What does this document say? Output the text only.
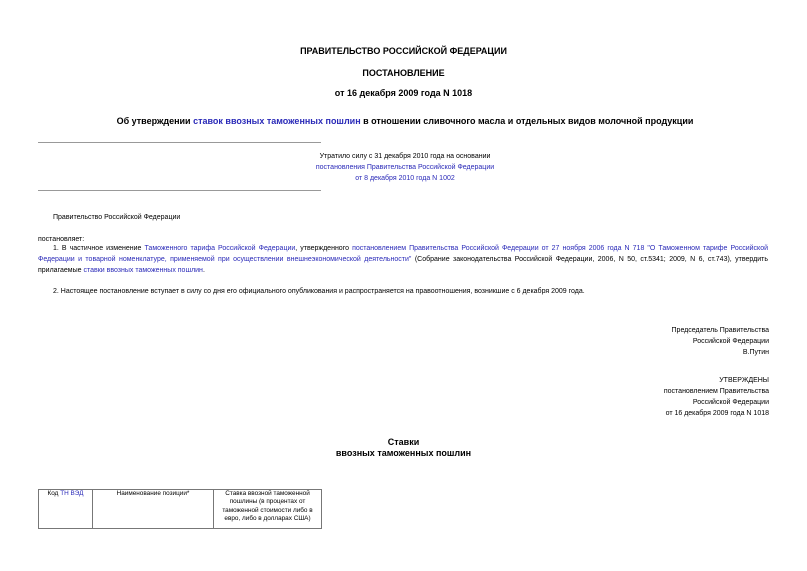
ПРАВИТЕЛЬСТВО РОССИЙСКОЙ ФЕДЕРАЦИИ
ПОСТАНОВЛЕНИЕ
от 16 декабря 2009 года N 1018
Об утверждении ставок ввозных таможенных пошлин в отношении сливочного масла и отдельных видов молочной продукции
Утратило силу с 31 декабря 2010 года на основании
постановления Правительства Российской Федерации
от 8 декабря 2010 года N 1002
Правительство Российской Федерации
постановляет:
1. В частичное изменение Таможенного тарифа Российской Федерации, утвержденного постановлением Правительства Российской Федерации от 27 ноября 2006 года N 718 "О Таможенном тарифе Российской Федерации и товарной номенклатуре, применяемой при осуществлении внешнеэкономической деятельности" (Собрание законодательства Российской Федерации, 2006, N 50, ст.5341; 2009, N 6, ст.743), утвердить прилагаемые ставки ввозных таможенных пошлин.
2. Настоящее постановление вступает в силу со дня его официального опубликования и распространяется на правоотношения, возникшие с 6 декабря 2009 года.
Председатель Правительства
Российской Федерации
В.Путин
УТВЕРЖДЕНЫ
постановлением Правительства
Российской Федерации
от 16 декабря 2009 года N 1018
Ставки
ввозных таможенных пошлин
Код ТН ВЭД	Наименование позиции*	Ставка ввозной таможенной пошлины (в процентах от таможенной стоимости либо в евро, либо в долларах США)
